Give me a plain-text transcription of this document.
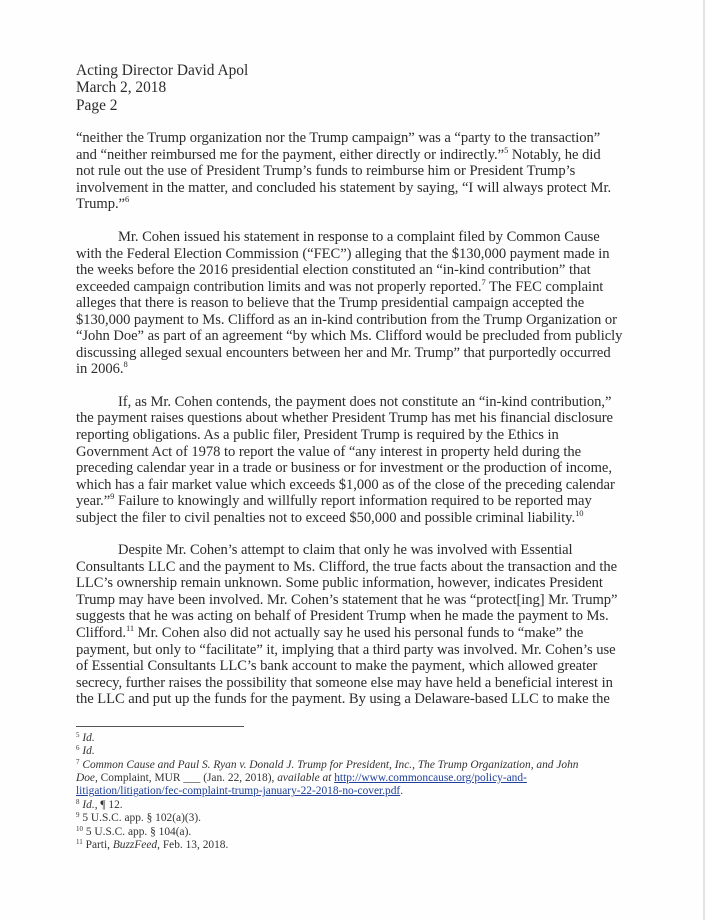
Acting Director David Apol

March 2, 2018

Page 2

“neither the Trump organization nor the Trump campaign” was a “party to the transaction”
and “neither reimbursed me for the payment, either directly or indirectly.”$^5$ Notably, he did
not rule out the use of President Trump’s funds to reimburse him or President Trump’s
involvement in the matter, and concluded his statement by saying, “I will always protect Mr.
Trump.”$^6$
Mr. Cohen issued his statement in response to a complaint filed by Common Cause
with the Federal Election Commission (“FEC”) alleging that the $130,000 payment made in
the weeks before the 2016 presidential election constituted an “in-kind contribution” that
exceeded campaign contribution limits and was not properly reported.$^7$ The FEC complaint
alleges that there is reason to believe that the Trump presidential campaign accepted the
$130,000 payment to Ms. Clifford as an in-kind contribution from the Trump Organization or
“John Doe” as part of an agreement “by which Ms. Clifford would be precluded from publicly
discussing alleged sexual encounters between her and Mr. Trump” that purportedly occurred
in 2006.$^8$
If, as Mr. Cohen contends, the payment does not constitute an “in-kind contribution,”
the payment raises questions about whether President Trump has met his financial disclosure
reporting obligations. As a public filer, President Trump is required by the Ethics in
Government Act of 1978 to report the value of “any interest in property held during the
preceding calendar year in a trade or business or for investment or the production of income,
which has a fair market value which exceeds $1,000 as of the close of the preceding calendar
year.”$^9$ Failure to knowingly and willfully report information required to be reported may
subject the filer to civil penalties not to exceed $50,000 and possible criminal liability.$^{10}$
Despite Mr. Cohen’s attempt to claim that only he was involved with Essential
Consultants LLC and the payment to Ms. Clifford, the true facts about the transaction and the
LLC’s ownership remain unknown. Some public information, however, indicates President
Trump may have been involved. Mr. Cohen’s statement that he was “protect[ing] Mr. Trump”
suggests that he was acting on behalf of President Trump when he made the payment to Ms.
Clifford.$^{11}$ Mr. Cohen also did not actually say he used his personal funds to “make” the
payment, but only to “facilitate” it, implying that a third party was involved. Mr. Cohen’s use
of Essential Consultants LLC’s bank account to make the payment, which allowed greater
secrecy, further raises the possibility that someone else may have held a beneficial interest in
the LLC and put up the funds for the payment. By using a Delaware-based LLC to make the

$^5$ Id.

$^6$ Id.

$^7$ Common Cause and Paul S. Ryan v. Donald J. Trump for President, Inc., The Trump Organization, and John
Doe, Complaint, MUR ___ (Jan. 22, 2018), available at http://www.commoncause.org/policy-and-
litigation/litigation/fec-complaint-trump-january-22-2018-no-cover.pdf.

$^8$ Id., ¶ 12.

$^9$ 5 U.S.C. app. § 102(a)(3).

$^{10}$ 5 U.S.C. app. § 104(a).

$^{11}$ Parti, BuzzFeed, Feb. 13, 2018.
